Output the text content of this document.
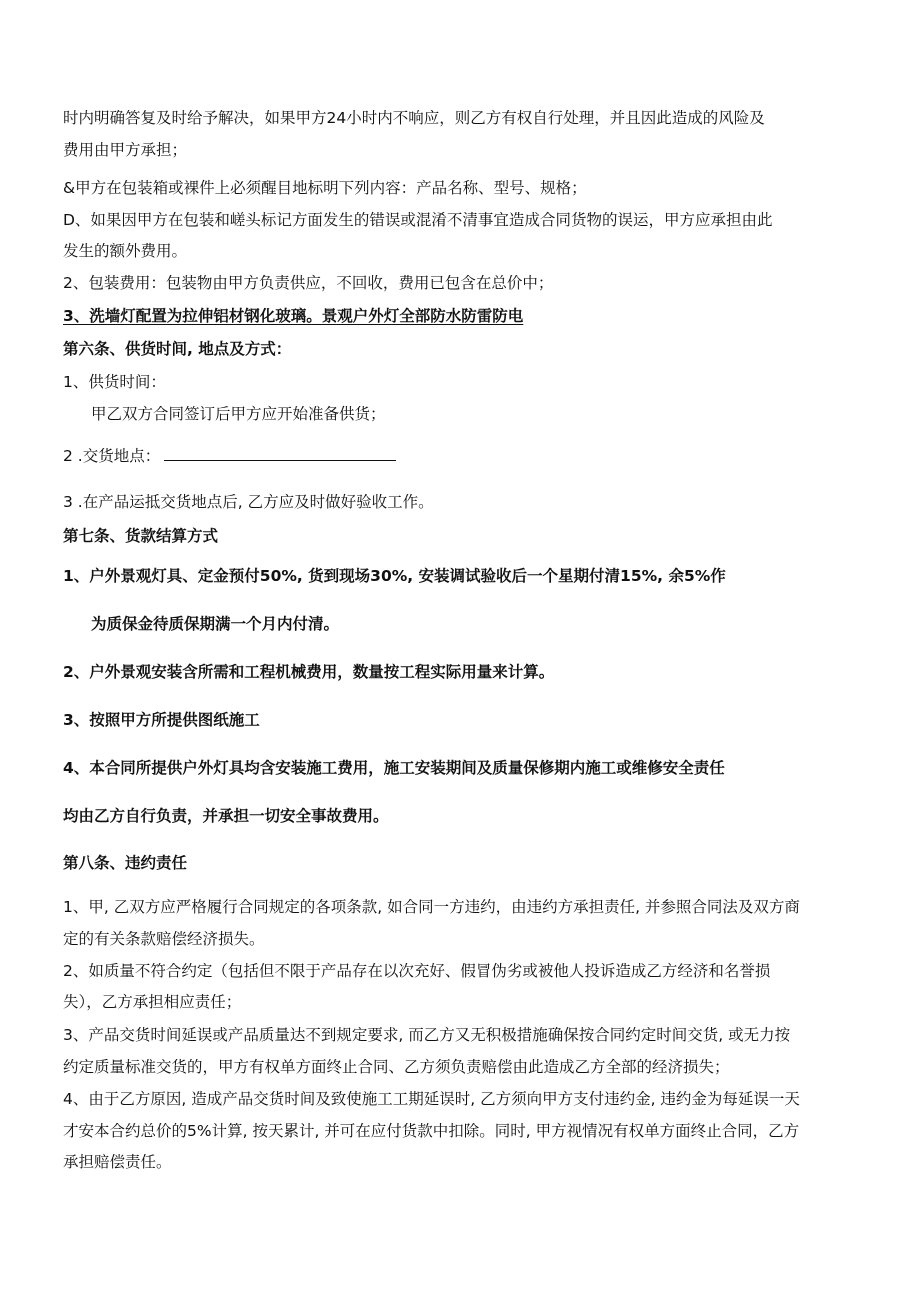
时内明确答复及时给予解决，如果甲方24小时内不响应，则乙方有权自行处理，并且因此造成的风险及
费用由甲方承担；
&甲方在包装箱或裸件上必须醒目地标明下列内容：产品名称、型号、规格；
D、如果因甲方在包装和嵯头标记方面发生的错误或混淆不清事宜造成合同货物的误运，甲方应承担由此
发生的额外费用。
2、包装费用：包装物由甲方负责供应，不回收，费用已包含在总价中；
3、洗墙灯配置为拉伸铝材钢化玻璃。景观户外灯全部防水防雷防电
第六条、供货时间, 地点及方式：
1、供货时间：
甲乙双方合同签订后甲方应开始准备供货；
2 .交货地点：
3 .在产品运抵交货地点后, 乙方应及时做好验收工作。
第七条、货款结算方式
1、户外景观灯具、定金预付50%, 货到现场30%, 安装调试验收后一个星期付清15%, 余5%作
为质保金待质保期满一个月内付清。
2、户外景观安装含所需和工程机械费用，数量按工程实际用量来计算。
3、按照甲方所提供图纸施工
4、本合同所提供户外灯具均含安装施工费用，施工安装期间及质量保修期内施工或维修安全责任
均由乙方自行负责，并承担一切安全事故费用。
第八条、违约责任
1、甲, 乙双方应严格履行合同规定的各项条款, 如合同一方违约，由违约方承担责任, 并参照合同法及双方商
定的有关条款赔偿经济损失。
2、如质量不符合约定（包括但不限于产品存在以次充好、假冒伪劣或被他人投诉造成乙方经济和名誉损
失），乙方承担相应责任；
3、产品交货时间延误或产品质量达不到规定要求, 而乙方又无积极措施确保按合同约定时间交货, 或无力按
约定质量标准交货的，甲方有权单方面终止合同、乙方须负责赔偿由此造成乙方全部的经济损失；
4、由于乙方原因, 造成产品交货时间及致使施工工期延误时, 乙方须向甲方支付违约金, 违约金为每延误一天
才安本合约总价的5%计算, 按天累计, 并可在应付货款中扣除。同时, 甲方视情况有权单方面终止合同，乙方
承担赔偿责任。
